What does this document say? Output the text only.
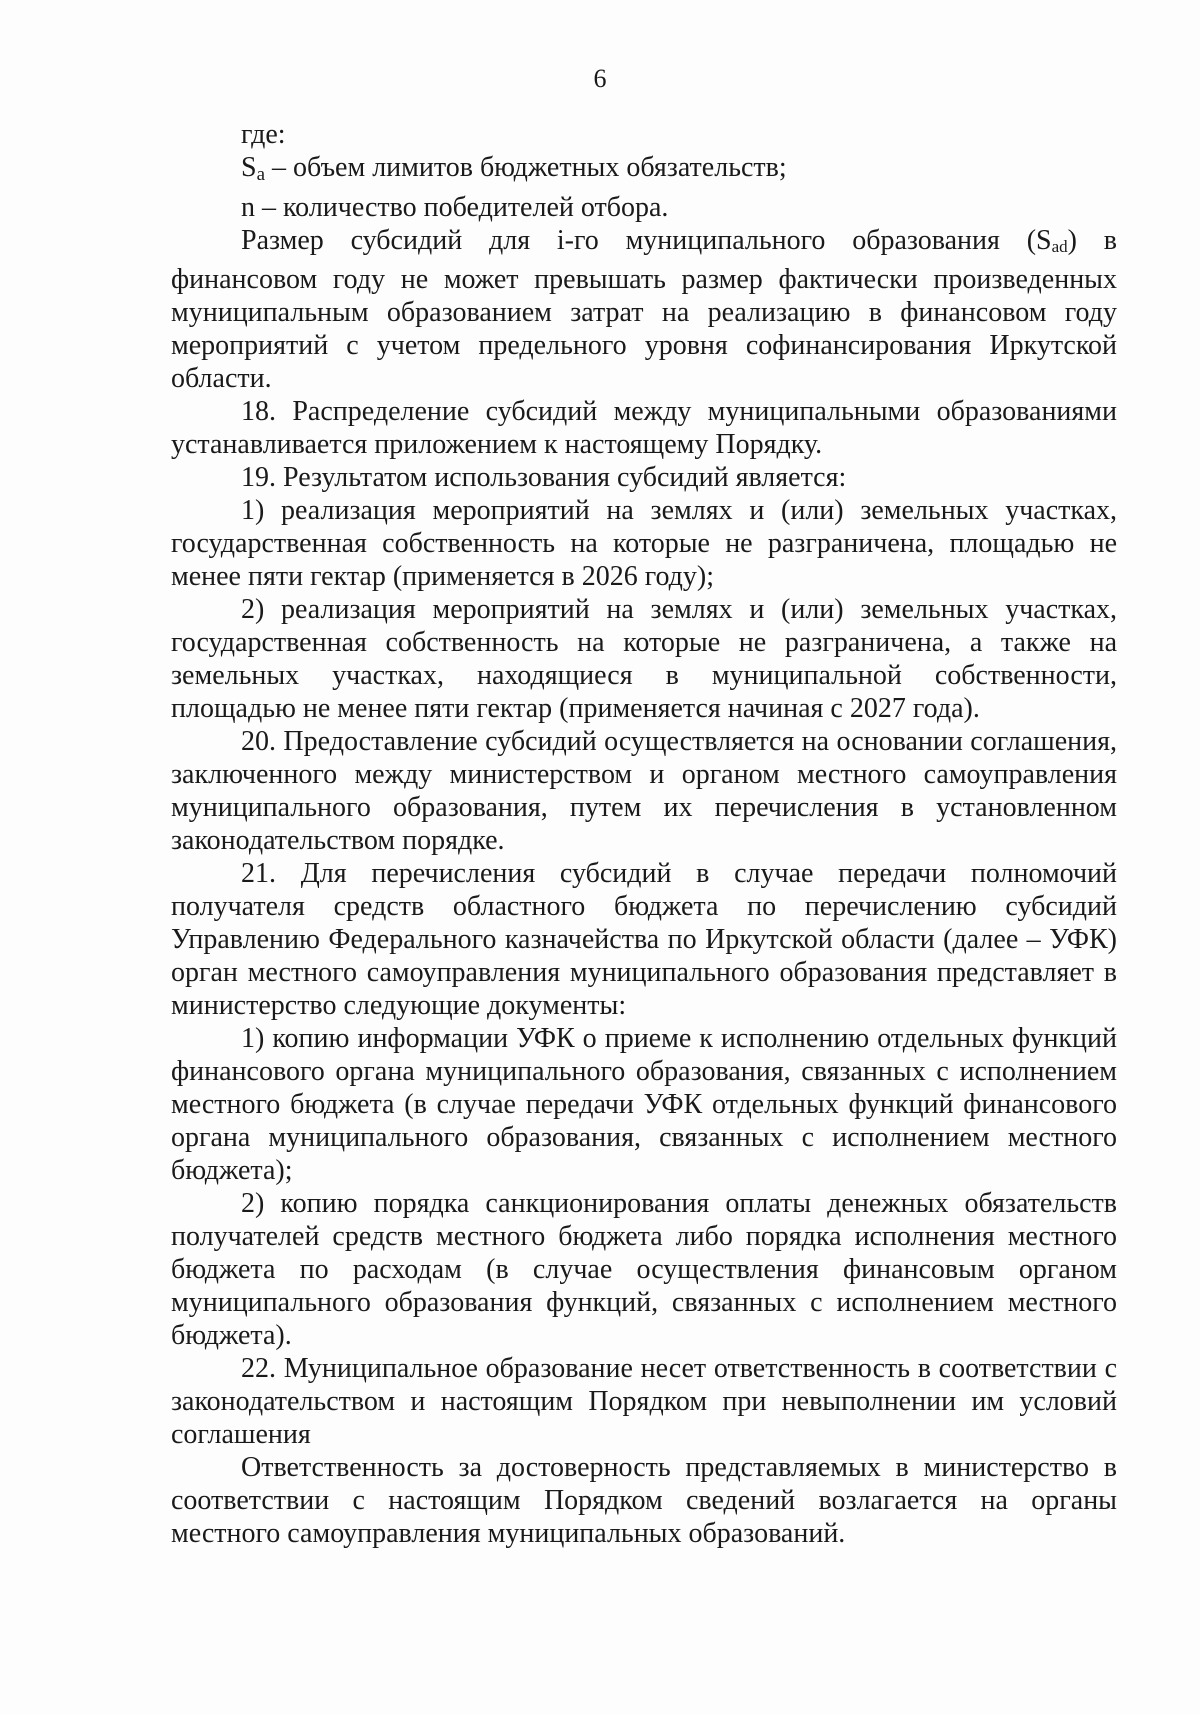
6

где:

$S_a$ – объем лимитов бюджетных обязательств;

n – количество победителей отбора.

Размер субсидий для i-го муниципального образования (Sad) в финансовом году не может превышать размер фактически произведенных муниципальным образованием затрат на реализацию в финансовом году мероприятий с учетом предельного уровня софинансирования Иркутской области.

18. Распределение субсидий между муниципальными образованиями устанавливается приложением к настоящему Порядку.

19. Результатом использования субсидий является:

1) реализация мероприятий на землях и (или) земельных участках, государственная собственность на которые не разграничена, площадью не менее пяти гектар (применяется в 2026 году);

2) реализация мероприятий на землях и (или) земельных участках, государственная собственность на которые не разграничена, а также на земельных участках, находящиеся в муниципальной собственности, площадью не менее пяти гектар (применяется начиная с 2027 года).

20. Предоставление субсидий осуществляется на основании соглашения, заключенного между министерством и органом местного самоуправления муниципального образования, путем их перечисления в установленном законодательством порядке.

21. Для перечисления субсидий в случае передачи полномочий получателя средств областного бюджета по перечислению субсидий Управлению Федерального казначейства по Иркутской области (далее – УФК) орган местного самоуправления муниципального образования представляет в министерство следующие документы:

1) копию информации УФК о приеме к исполнению отдельных функций финансового органа муниципального образования, связанных с исполнением местного бюджета (в случае передачи УФК отдельных функций финансового органа муниципального образования, связанных с исполнением местного бюджета);

2) копию порядка санкционирования оплаты денежных обязательств получателей средств местного бюджета либо порядка исполнения местного бюджета по расходам (в случае осуществления финансовым органом муниципального образования функций, связанных с исполнением местного бюджета).

22. Муниципальное образование несет ответственность в соответствии с законодательством и настоящим Порядком при невыполнении им условий соглашения

Ответственность за достоверность представляемых в министерство в соответствии с настоящим Порядком сведений возлагается на органы местного самоуправления муниципальных образований.
